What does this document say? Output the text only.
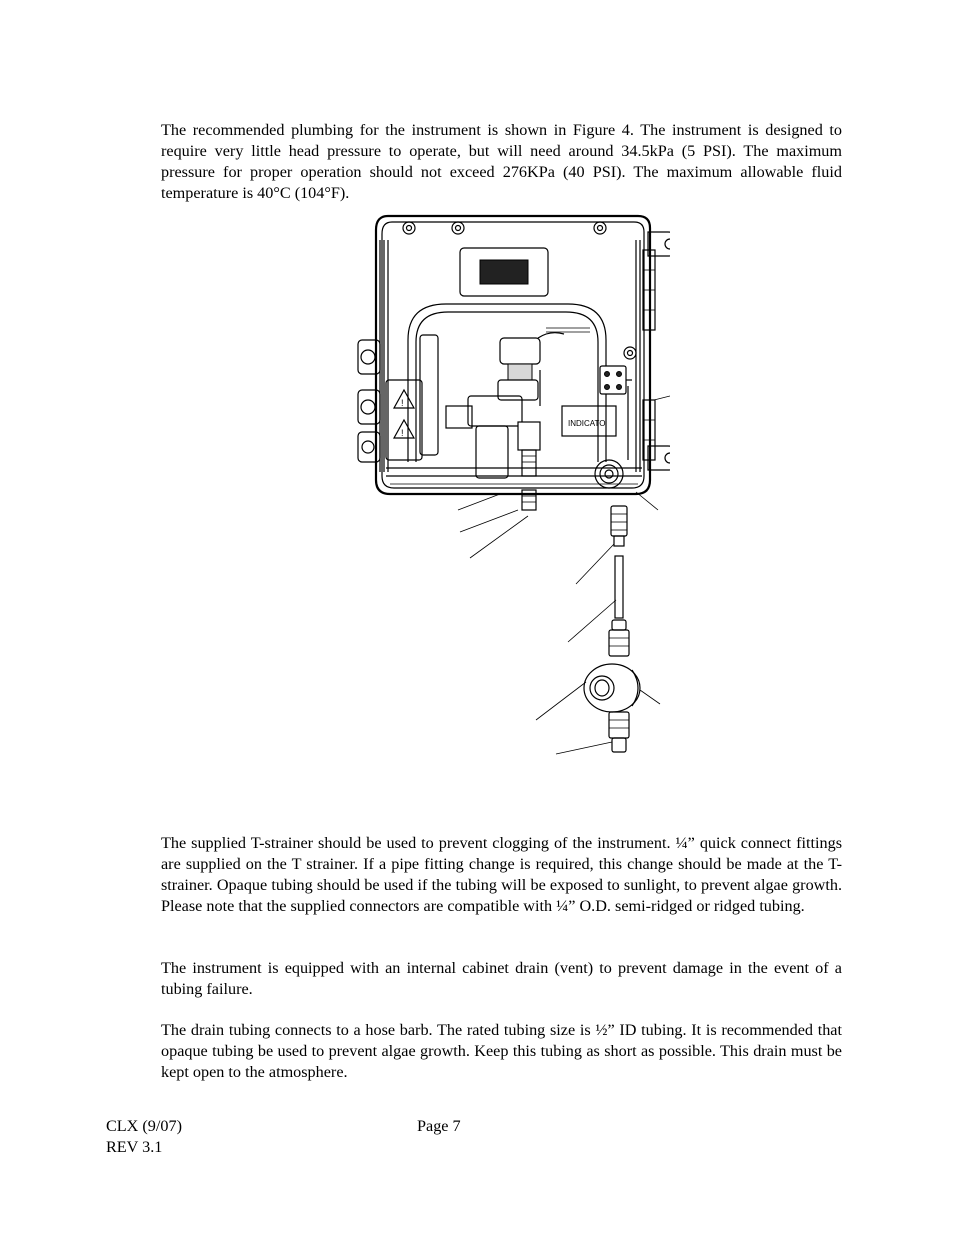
The recommended plumbing for the instrument is shown in Figure 4. The instrument is designed to require very little head pressure to operate, but will need around 34.5kPa (5 PSI). The maximum pressure for proper operation should not exceed 276KPa (40 PSI). The maximum allowable fluid temperature is 40°C (104°F).

!
!
INDICATO

The supplied T-strainer should be used to prevent clogging of the instrument. ¼” quick connect fittings are supplied on the T strainer. If a pipe fitting change is required, this change should be made at the T-strainer. Opaque tubing should be used if the tubing will be exposed to sunlight, to prevent algae growth. Please note that the supplied connectors are compatible with ¼” O.D. semi-ridged or ridged tubing.

The instrument is equipped with an internal cabinet drain (vent) to prevent damage in the event of a tubing failure.

The drain tubing connects to a hose barb. The rated tubing size is ½” ID tubing. It is recommended that opaque tubing be used to prevent algae growth. Keep this tubing as short as possible. This drain must be kept open to the atmosphere.

CLX (9/07)
REV 3.1
Page 7
